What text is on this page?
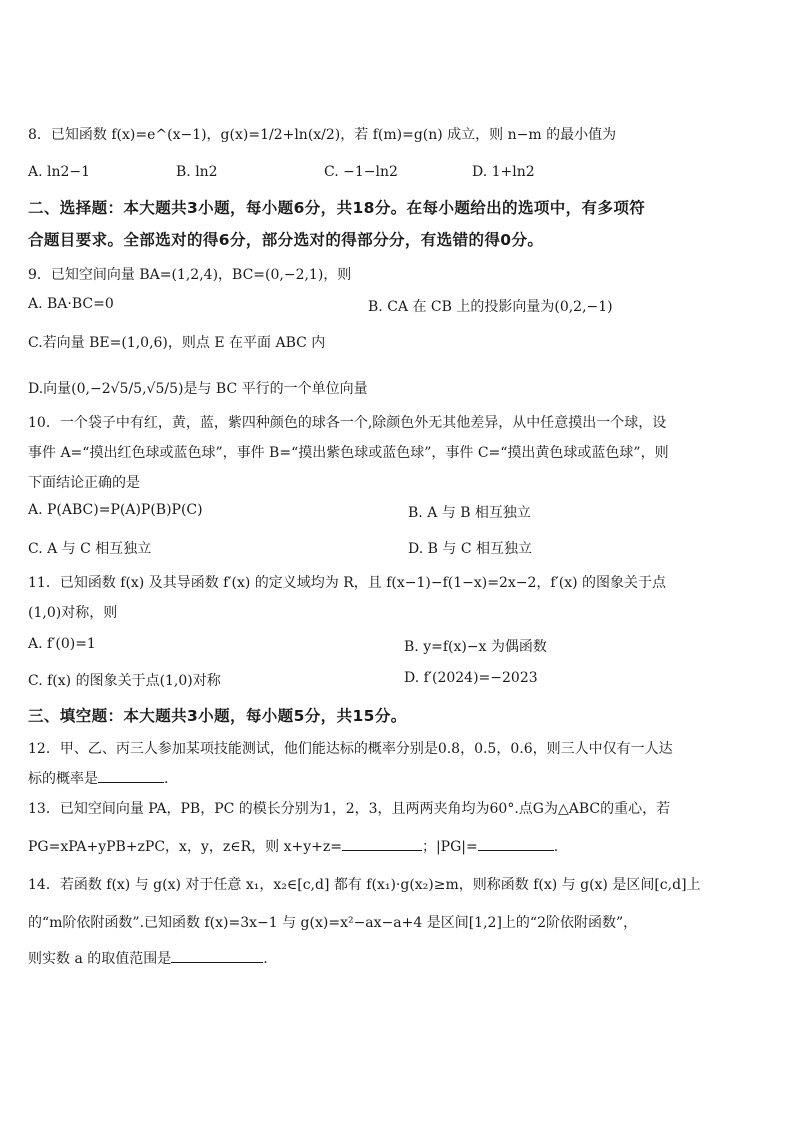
8．已知函数 f(x)=e^(x−1)，g(x)=1/2+ln(x/2)，若 f(m)=g(n) 成立，则 n−m 的最小值为
A. ln2−1	B. ln2	C. −1−ln2	D. 1+ln2
二、选择题：本大题共3小题，每小题6分，共18分。在每小题给出的选项中，有多项符
合题目要求。全部选对的得6分，部分选对的得部分分，有选错的得0分。
9．已知空间向量 BA=(1,2,4)，BC=(0,−2,1)，则
A. BA·BC=0	B. CA 在 CB 上的投影向量为(0,2,−1)
C.若向量 BE=(1,0,6)，则点 E 在平面 ABC 内
D.向量(0,−2√5/5,√5/5)是与 BC 平行的一个单位向量
10．一个袋子中有红，黄，蓝，紫四种颜色的球各一个,除颜色外无其他差异，从中任意摸出一个球，设
事件 A=“摸出红色球或蓝色球”，事件 B=“摸出紫色球或蓝色球”，事件 C=“摸出黄色球或蓝色球”，则
下面结论正确的是
A. P(ABC)=P(A)P(B)P(C)	B. A 与 B 相互独立
C. A 与 C 相互独立	D. B 与 C 相互独立
11．已知函数 f(x) 及其导函数 f′(x) 的定义域均为 R，且 f(x−1)−f(1−x)=2x−2，f′(x) 的图象关于点
(1,0)对称，则
A. f′(0)=1	B. y=f(x)−x 为偶函数
C. f(x) 的图象关于点(1,0)对称	D. f′(2024)=−2023
三、填空题：本大题共3小题，每小题5分，共15分。
12．甲、乙、丙三人参加某项技能测试，他们能达标的概率分别是0.8，0.5，0.6，则三人中仅有一人达
标的概率是	.
13．已知空间向量 PA，PB，PC 的模长分别为1，2，3，且两两夹角均为60°.点G为△ABC的重心，若
PG=xPA+yPB+zPC，x，y，z∈R，则 x+y+z=	；|PG|=	.
14．若函数 f(x) 与 g(x) 对于任意 x₁，x₂∈[c,d] 都有 f(x₁)·g(x₂)≥m，则称函数 f(x) 与 g(x) 是区间[c,d]上
的“m阶依附函数”.已知函数 f(x)=3x−1 与 g(x)=x²−ax−a+4 是区间[1,2]上的“2阶依附函数”，
则实数 a 的取值范围是	.
